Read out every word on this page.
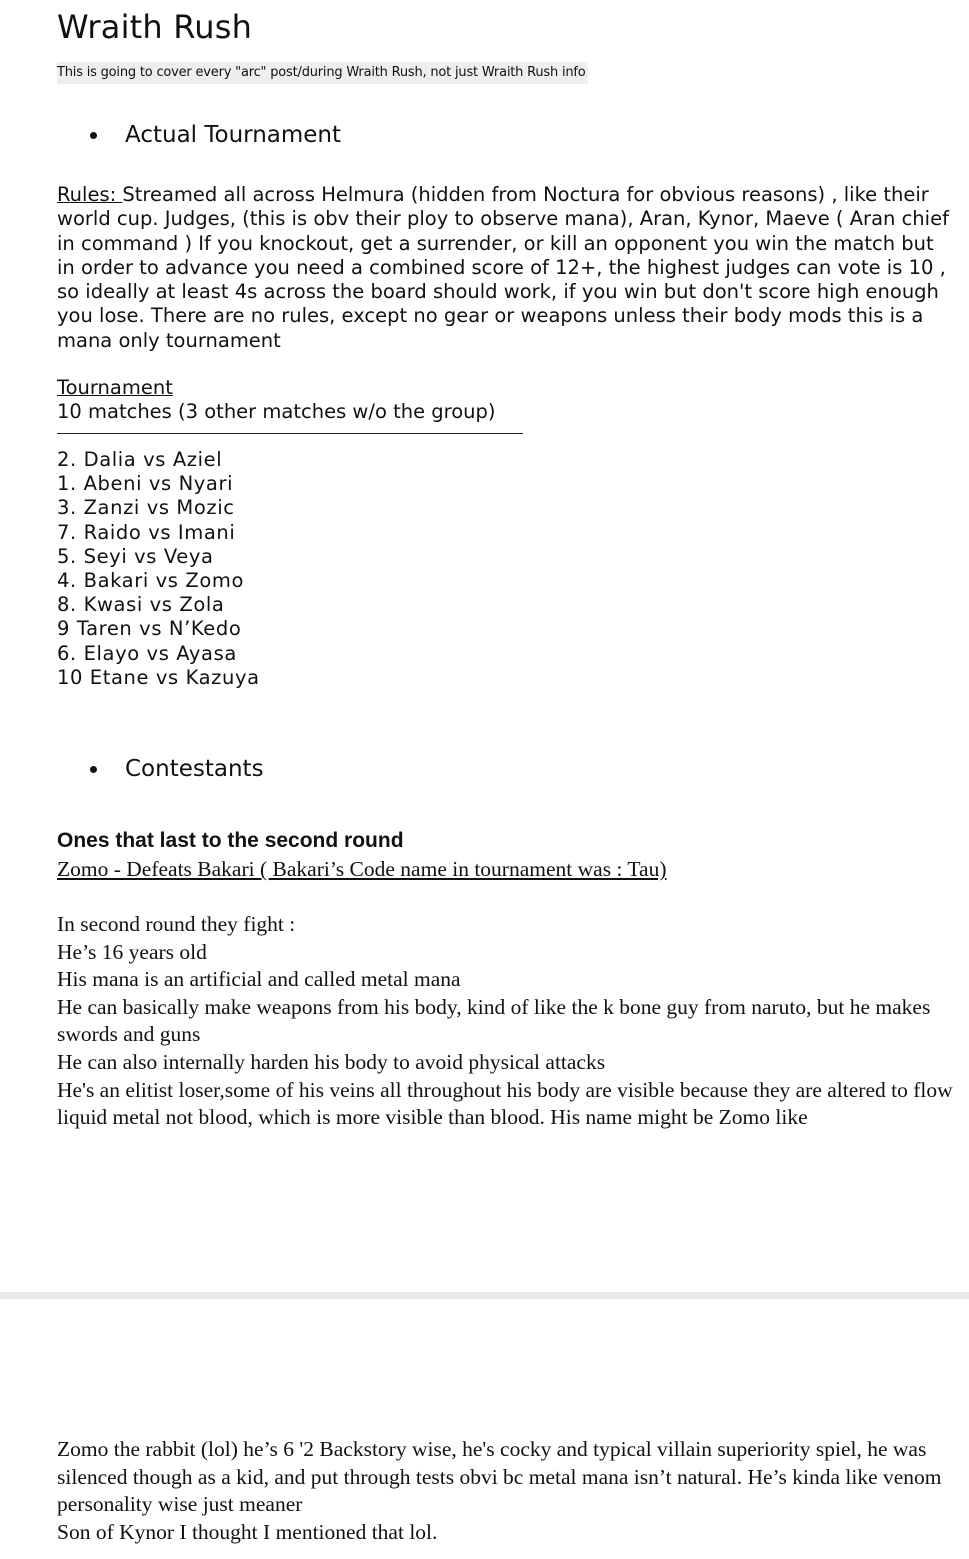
Wraith Rush
This is going to cover every "arc" post/during Wraith Rush, not just Wraith Rush info
Actual Tournament
Rules: Streamed all across Helmura (hidden from Noctura for obvious reasons) , like their world cup. Judges, (this is obv their ploy to observe mana), Aran, Kynor, Maeve ( Aran chief in command ) If you knockout, get a surrender, or kill an opponent you win the match but in order to advance you need a combined score of 12+, the highest judges can vote is 10 , so ideally at least 4s across the board should work, if you win but don't score high enough you lose. There are no rules, except no gear or weapons unless their body mods this is a mana only tournament
Tournament
10 matches (3 other matches w/o the group)
2. Dalia vs Aziel
1. Abeni vs Nyari
3. Zanzi vs Mozic
7. Raido vs Imani
5. Seyi vs Veya
4. Bakari vs Zomo
8. Kwasi vs Zola
9 Taren vs N’Kedo
6. Elayo vs Ayasa
10 Etane vs Kazuya
Contestants
Ones that last to the second round
Zomo - Defeats Bakari ( Bakari’s Code name in tournament was : Tau)
In second round they fight :
He’s 16 years old
His mana is an artificial and called metal mana
He can basically make weapons from his body, kind of like the k bone guy from naruto, but he makes swords and guns
He can also internally harden his body to avoid physical attacks
He's an elitist loser,some of his veins all throughout his body are visible because they are altered to flow liquid metal not blood, which is more visible than blood. His name might be Zomo like
Zomo the rabbit (lol) he’s 6 '2 Backstory wise, he's cocky and typical villain superiority spiel, he was silenced though as a kid, and put through tests obvi bc metal mana isn’t natural. He’s kinda like venom personality wise just meaner
Son of Kynor I thought I mentioned that lol.
